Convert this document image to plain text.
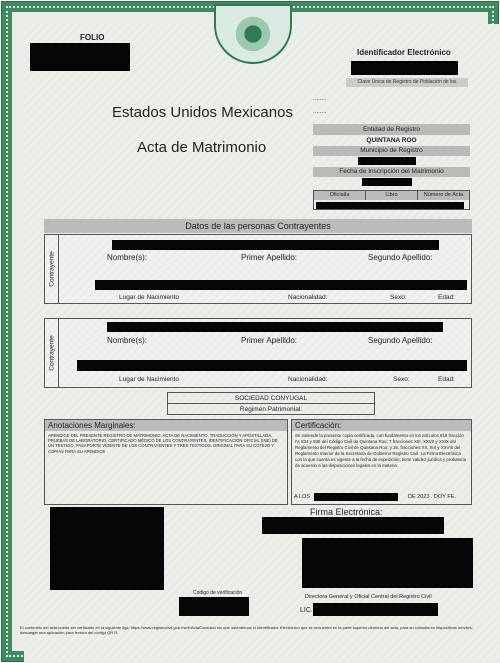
FOLIO
Identificador Electrónico
Clave Única de Registro de Población de los
Estados Unidos Mexicanos
Acta de Matrimonio
........
........
Entidad de Registro
QUINTANA ROO
Municipio de Registro
Fecha de Inscripción del Matrimonio
Oficialía	Libro	Número de Acta
Datos de las personas Contrayentes
Contrayente	Nombre(s):	Primer Apellido:	Segundo Apellido:
Lugar de Nacimiento	Nacionalidad:	Sexo:	Edad:
Contrayente	Nombre(s):	Primer Apellido:	Segundo Apellido:
Lugar de Nacimiento	Nacionalidad:	Sexo:	Edad:
SOCIEDAD CONYUGAL
Régimen Patrimonial:
Anotaciones Marginales:
APENDICE DEL PRESENTE REGISTRO DE MATRIMONIO: ACTA DE NACIMIENTO, TRADUCCIÓN Y APOSTILLADA, PRUEBAS DE LABORATORIO, CERTIFICADO MÉDICO DE LOS CONTRAYENTES, IDENTIFICACIÓN OFICIAL (INE) DE UN TESTIGO, PASAPORTE VIGENTE DE LOS CONTRAYENTES Y TRES TESTIGOS. ORIGINAL PARA SU COTEJO Y COPIAS PARA SU APENDICE
Certificación:
Se extiende la presente copia certificada, con fundamento en los artículos 818 fracción IV, 834 y 836 del Código Civil de Quintana Roo; 7 fracciones XIII, XXVII y XXIX del Reglamento del Registro Civil de Quintana Roo; y 26, fracciones XII, XIII y XXVIII del Reglamento Interior de la Secretaría de Gobierno Registro Civil. La Firma Electrónica con la que cuenta es vigente a la fecha de expedición; tiene validez jurídica y probatoria de acuerdo a las disposiciones legales en la materia.
A LOS	DE 2023 . DOY FE.
Firma Electrónica:
Código de verificación
Directora General y Oficial Central del Registro Civil
LIC.
El contenido del acta puede ser verificado en la siguiente liga: https://www.registrocivil.gob.mx/e/ActaConsulta/ sin que ostentemos el Identificador Electrónico que se encuentra en la parte superior derecha del acta, para su consulta en dispositivos móviles, descargar una aplicación para lectura del código QR R.
